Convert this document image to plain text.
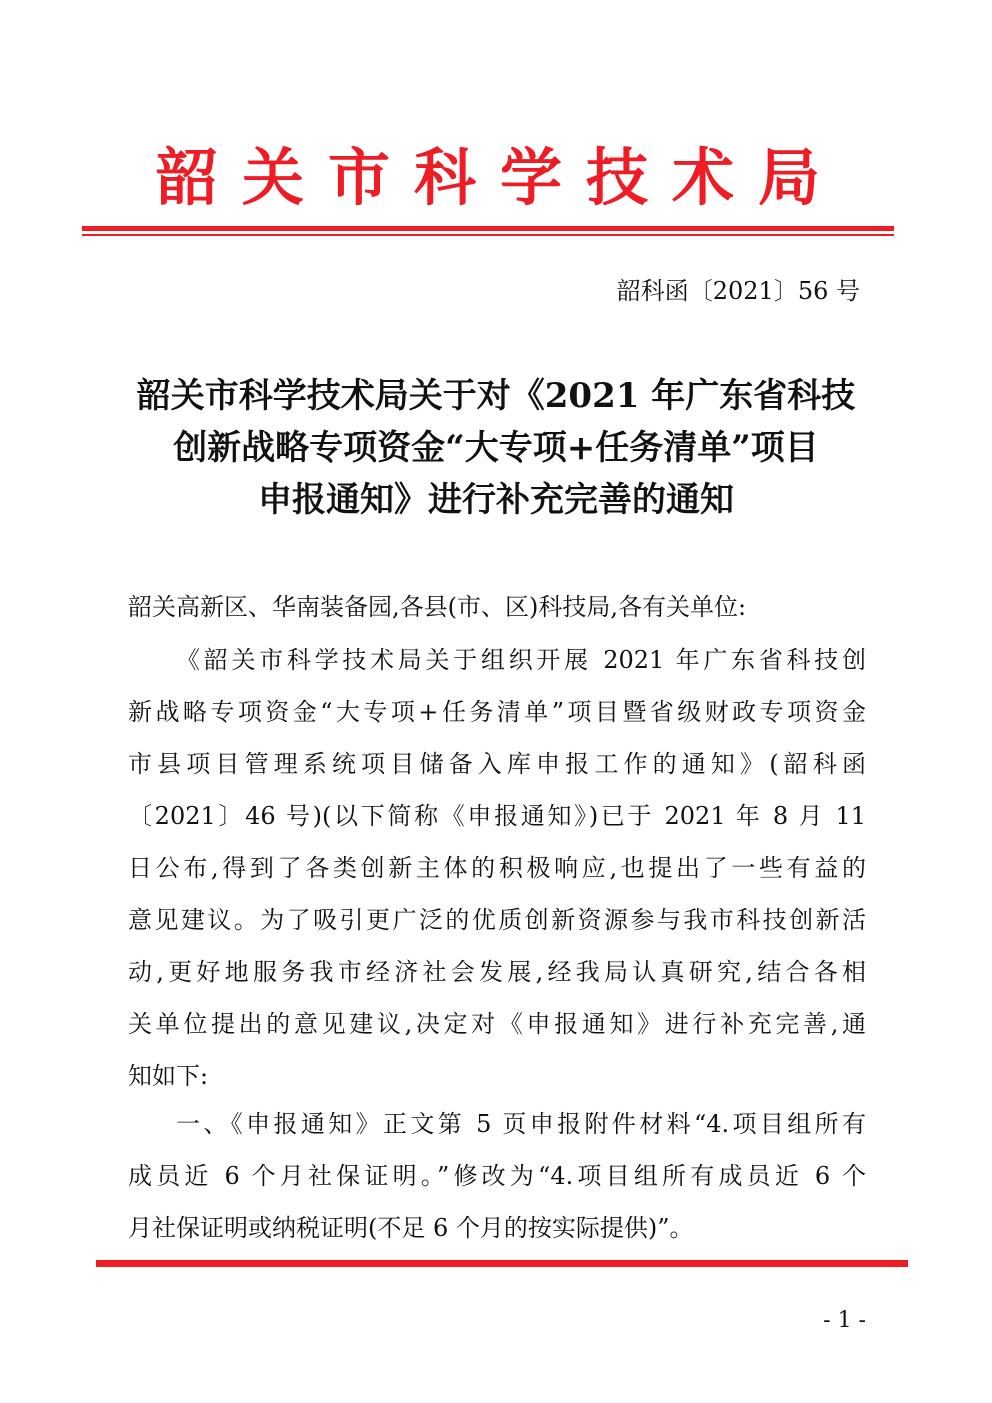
韶关市科学技术局
韶科函〔2021〕56 号
韶关市科学技术局关于对《2021 年广东省科技
创新战略专项资金“大专项+任务清单”项目
申报通知》进行补充完善的通知
韶关高新区、华南装备园,各县(市、区)科技局,各有关单位:
《韶关市科学技术局关于组织开展 2021 年广东省科技创
新战略专项资金“大专项+任务清单”项目暨省级财政专项资金
市县项目管理系统项目储备入库申报工作的通知》(韶科函
〔2021〕46 号)(以下简称《申报通知》)已于 2021 年 8 月 11
日公布,得到了各类创新主体的积极响应,也提出了一些有益的
意见建议。为了吸引更广泛的优质创新资源参与我市科技创新活
动,更好地服务我市经济社会发展,经我局认真研究,结合各相
关单位提出的意见建议,决定对《申报通知》进行补充完善,通
知如下:
一、《申报通知》正文第 5 页申报附件材料“4.项目组所有
成员近 6 个月社保证明。”修改为“4.项目组所有成员近 6 个
月社保证明或纳税证明(不足 6 个月的按实际提供)”。
- 1 -
